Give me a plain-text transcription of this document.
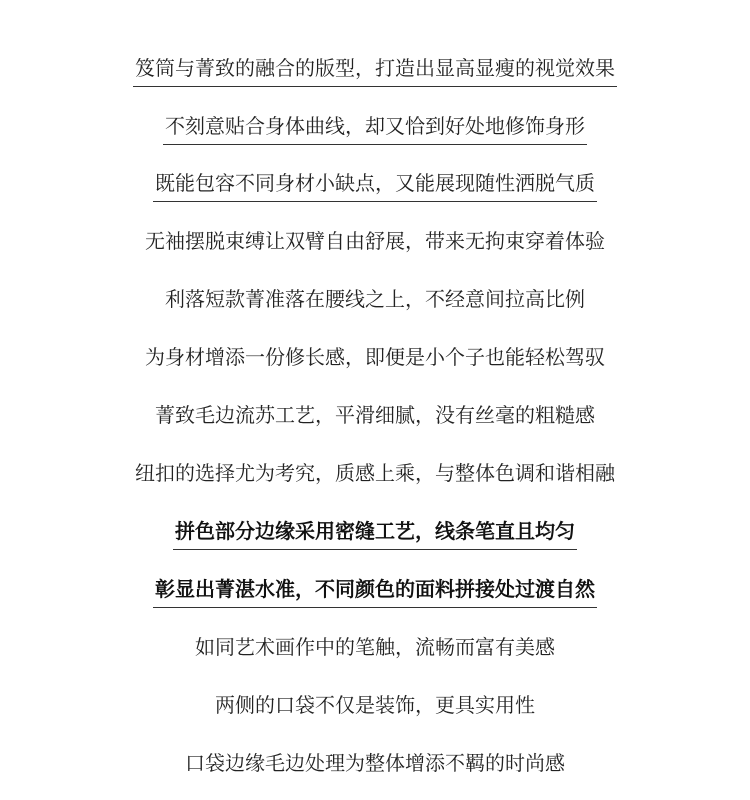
笈筒与菁致的融合的版型，打造出显高显瘦的视觉效果
不刻意贴合身体曲线，却又恰到好处地修饰身形
既能包容不同身材小缺点，又能展现随性洒脱气质
无袖摆脱束缚让双臂自由舒展，带来无拘束穿着体验
利落短款菁准落在腰线之上，不经意间拉高比例
为身材增添一份修长感，即便是小个子也能轻松驾驭
菁致毛边流苏工艺，平滑细腻，没有丝毫的粗糙感
纽扣的选择尤为考究，质感上乘，与整体色调和谐相融
拼色部分边缘采用密缝工艺，线条笔直且均匀
彰显出菁湛水准，不同颜色的面料拼接处过渡自然
如同艺术画作中的笔触，流畅而富有美感
两侧的口袋不仅是装饰，更具实用性
口袋边缘毛边处理为整体增添不羁的时尚感
